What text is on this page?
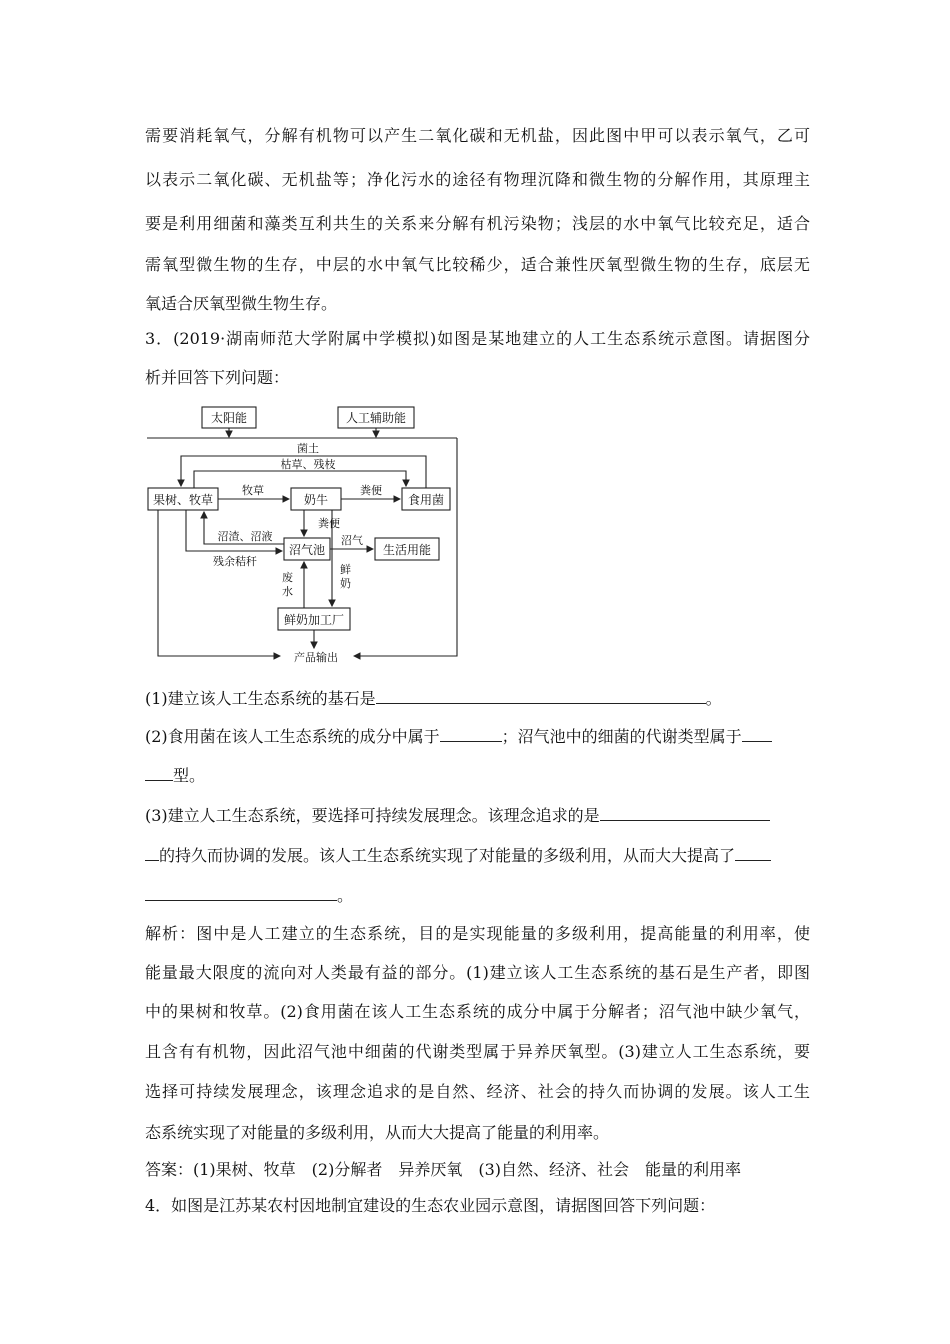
需要消耗氧气，分解有机物可以产生二氧化碳和无机盐，因此图中甲可以表示氧气，乙可
以表示二氧化碳、无机盐等；净化污水的途径有物理沉降和微生物的分解作用，其原理主
要是利用细菌和藻类互利共生的关系来分解有机污染物；浅层的水中氧气比较充足，适合
需氧型微生物的生存，中层的水中氧气比较稀少，适合兼性厌氧型微生物的生存，底层无
氧适合厌氧型微生物生存。
3．(2019·湖南师范大学附属中学模拟)如图是某地建立的人工生态系统示意图。请据图分
析并回答下列问题：
太阳能	人工辅助能
菌土
枯草、残枝
果树、牧草
牧草
奶牛
粪便
食用菌
沼渣、沼液
粪便
沼气池
沼气
生活用能
残余秸秆
废
水
鲜
奶
鲜奶加工厂
产品输出
(1)建立该人工生态系统的基石是	。
(2)食用菌在该人工生态系统的成分中属于	；沼气池中的细菌的代谢类型属于
型。
(3)建立人工生态系统，要选择可持续发展理念。该理念追求的是
的持久而协调的发展。该人工生态系统实现了对能量的多级利用，从而大大提高了
。
解析：图中是人工建立的生态系统，目的是实现能量的多级利用，提高能量的利用率，使
能量最大限度的流向对人类最有益的部分。(1)建立该人工生态系统的基石是生产者，即图
中的果树和牧草。(2)食用菌在该人工生态系统的成分中属于分解者；沼气池中缺少氧气，
且含有有机物，因此沼气池中细菌的代谢类型属于异养厌氧型。(3)建立人工生态系统，要
选择可持续发展理念，该理念追求的是自然、经济、社会的持久而协调的发展。该人工生
态系统实现了对能量的多级利用，从而大大提高了能量的利用率。
答案：(1)果树、牧草　(2)分解者　异养厌氧　(3)自然、经济、社会　能量的利用率
4．如图是江苏某农村因地制宜建设的生态农业园示意图，请据图回答下列问题：
